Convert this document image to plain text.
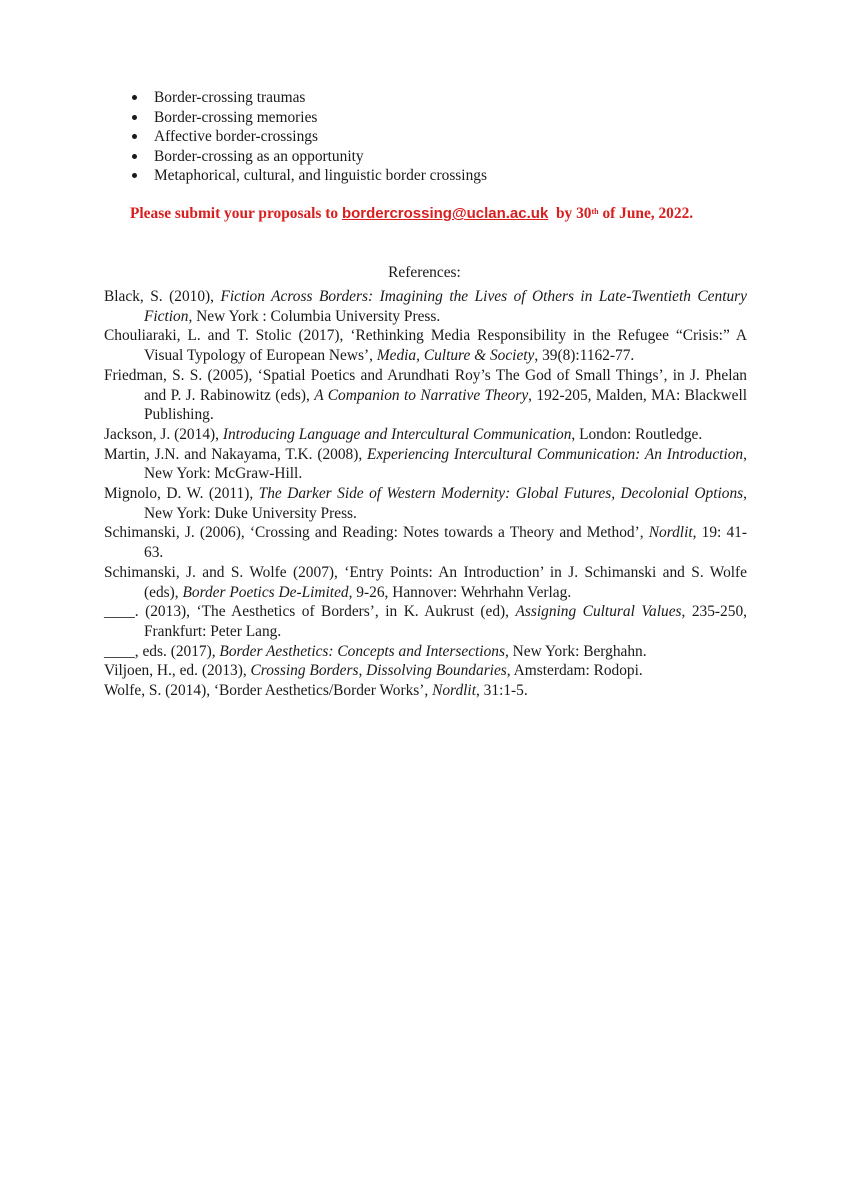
Border-crossing traumas
Border-crossing memories
Affective border-crossings
Border-crossing as an opportunity
Metaphorical, cultural, and linguistic border crossings
Please submit your proposals to bordercrossing@uclan.ac.uk  by 30th of June, 2022.
References:

Black, S. (2010), Fiction Across Borders: Imagining the Lives of Others in Late-Twentieth Century Fiction, New York : Columbia University Press.

Chouliaraki, L. and T. Stolic (2017), ‘Rethinking Media Responsibility in the Refugee “Crisis:” A Visual Typology of European News’, Media, Culture & Society, 39(8):1162-77.

Friedman, S. S. (2005), ‘Spatial Poetics and Arundhati Roy’s The God of Small Things’, in J. Phelan and P. J. Rabinowitz (eds), A Companion to Narrative Theory, 192-205, Malden, MA: Blackwell Publishing.

Jackson, J. (2014), Introducing Language and Intercultural Communication, London: Routledge.

Martin, J.N. and Nakayama, T.K. (2008), Experiencing Intercultural Communication: An Introduction, New York: McGraw-Hill.

Mignolo, D. W. (2011), The Darker Side of Western Modernity: Global Futures, Decolonial Options, New York: Duke University Press.

Schimanski, J. (2006), ‘Crossing and Reading: Notes towards a Theory and Method’, Nordlit, 19: 41-63.

Schimanski, J. and S. Wolfe (2007), ‘Entry Points: An Introduction’ in J. Schimanski and S. Wolfe (eds), Border Poetics De-Limited, 9-26, Hannover: Wehrhahn Verlag.

____. (2013), ‘The Aesthetics of Borders’, in K. Aukrust (ed), Assigning Cultural Values, 235-250, Frankfurt: Peter Lang.

____, eds. (2017), Border Aesthetics: Concepts and Intersections, New York: Berghahn.

Viljoen, H., ed. (2013), Crossing Borders, Dissolving Boundaries, Amsterdam: Rodopi.

Wolfe, S. (2014), ‘Border Aesthetics/Border Works’, Nordlit, 31:1-5.
